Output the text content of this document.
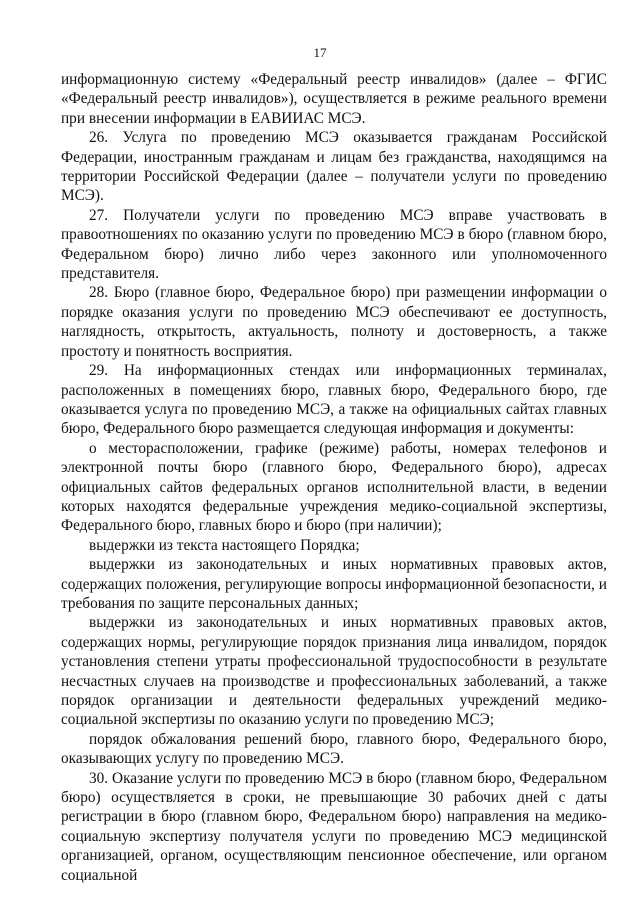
17

информационную систему «Федеральный реестр инвалидов» (далее – ФГИС «Федеральный реестр инвалидов»), осуществляется в режиме реального времени при внесении информации в ЕАВИИАС МСЭ.

26. Услуга по проведению МСЭ оказывается гражданам Российской Федерации, иностранным гражданам и лицам без гражданства, находящимся на территории Российской Федерации (далее – получатели услуги по проведению МСЭ).

27. Получатели услуги по проведению МСЭ вправе участвовать в правоотношениях по оказанию услуги по проведению МСЭ в бюро (главном бюро, Федеральном бюро) лично либо через законного или уполномоченного представителя.

28. Бюро (главное бюро, Федеральное бюро) при размещении информации о порядке оказания услуги по проведению МСЭ обеспечивают ее доступность, наглядность, открытость, актуальность, полноту и достоверность, а также простоту и понятность восприятия.

29. На информационных стендах или информационных терминалах, расположенных в помещениях бюро, главных бюро, Федерального бюро, где оказывается услуга по проведению МСЭ, а также на официальных сайтах главных бюро, Федерального бюро размещается следующая информация и документы:

о месторасположении, графике (режиме) работы, номерах телефонов и электронной почты бюро (главного бюро, Федерального бюро), адресах официальных сайтов федеральных органов исполнительной власти, в ведении которых находятся федеральные учреждения медико-социальной экспертизы, Федерального бюро, главных бюро и бюро (при наличии);

выдержки из текста настоящего Порядка;

выдержки из законодательных и иных нормативных правовых актов, содержащих положения, регулирующие вопросы информационной безопасности, и требования по защите персональных данных;

выдержки из законодательных и иных нормативных правовых актов, содержащих нормы, регулирующие порядок признания лица инвалидом, порядок установления степени утраты профессиональной трудоспособности в результате несчастных случаев на производстве и профессиональных заболеваний, а также порядок организации и деятельности федеральных учреждений медико-социальной экспертизы по оказанию услуги по проведению МСЭ;

порядок обжалования решений бюро, главного бюро, Федерального бюро, оказывающих услугу по проведению МСЭ.

30. Оказание услуги по проведению МСЭ в бюро (главном бюро, Федеральном бюро) осуществляется в сроки, не превышающие 30 рабочих дней с даты регистрации в бюро (главном бюро, Федеральном бюро) направления на медико-социальную экспертизу получателя услуги по проведению МСЭ медицинской организацией, органом, осуществляющим пенсионное обеспечение, или органом социальной
